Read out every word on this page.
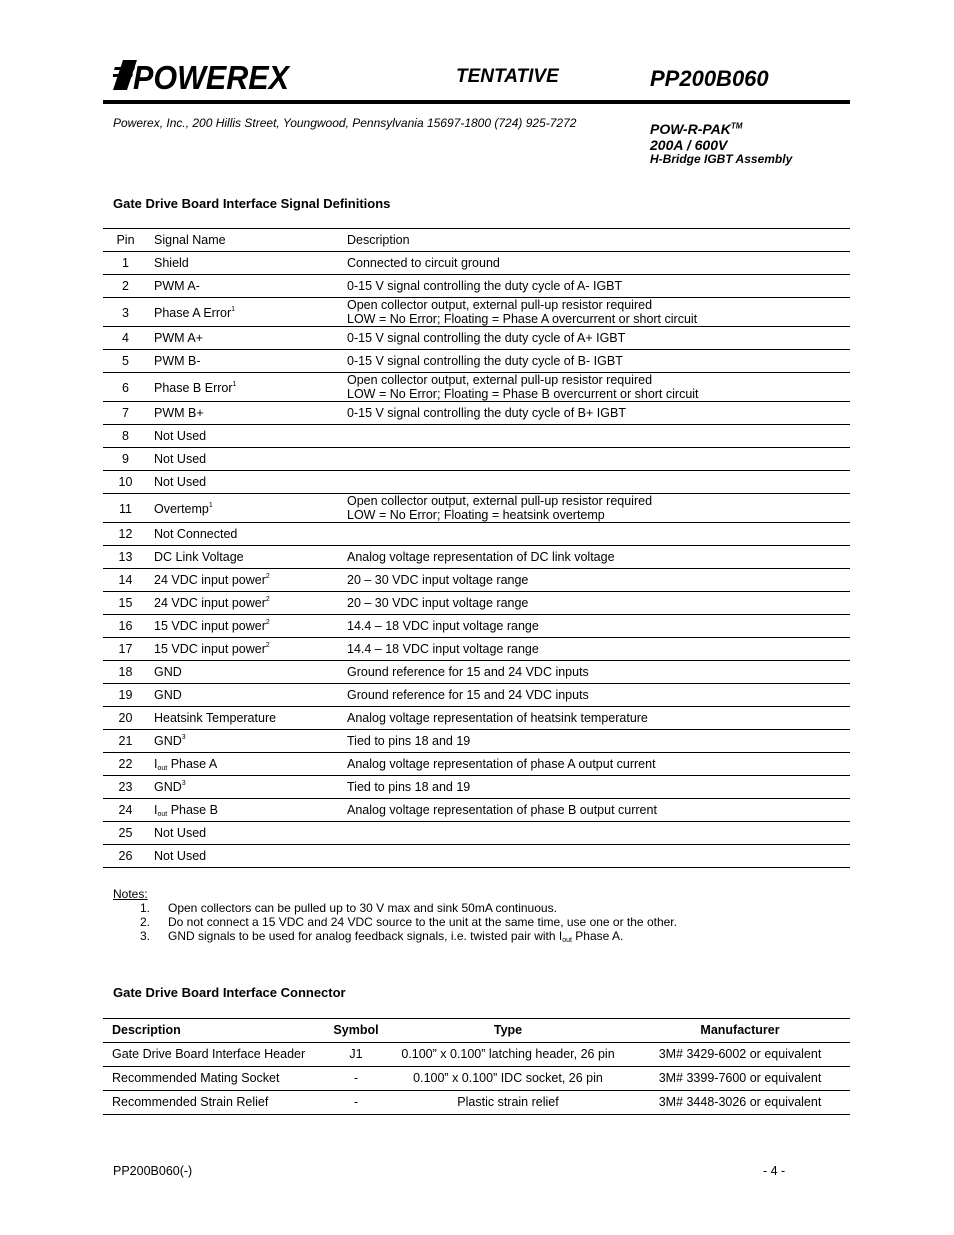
POWEREX	TENTATIVE	PP200B060
Powerex, Inc., 200 Hillis Street, Youngwood, Pennsylvania 15697-1800 (724) 925-7272	POW-R-PAK™
200A / 600V
H-Bridge IGBT Assembly
Gate Drive Board Interface Signal Definitions
Pin	Signal Name	Description
1	Shield	Connected to circuit ground
2	PWM A-	0-15 V signal controlling the duty cycle of A- IGBT
3	Phase A Error$^1$	Open collector output, external pull-up resistor required
LOW = No Error; Floating = Phase A overcurrent or short circuit
4	PWM A+	0-15 V signal controlling the duty cycle of A+ IGBT
5	PWM B-	0-15 V signal controlling the duty cycle of B- IGBT
6	Phase B Error$^1$	Open collector output, external pull-up resistor required
LOW = No Error; Floating = Phase B overcurrent or short circuit
7	PWM B+	0-15 V signal controlling the duty cycle of B+ IGBT
8	Not Used
9	Not Used
10	Not Used
11	Overtemp$^1$	Open collector output, external pull-up resistor required
LOW = No Error; Floating = heatsink overtemp
12	Not Connected
13	DC Link Voltage	Analog voltage representation of DC link voltage
14	24 VDC input power$^2$	20 – 30 VDC input voltage range
15	24 VDC input power$^2$	20 – 30 VDC input voltage range
16	15 VDC input power$^2$	14.4 – 18 VDC input voltage range
17	15 VDC input power$^2$	14.4 – 18 VDC input voltage range
18	GND	Ground reference for 15 and 24 VDC inputs
19	GND	Ground reference for 15 and 24 VDC inputs
20	Heatsink Temperature	Analog voltage representation of heatsink temperature
21	GND$^3$	Tied to pins 18 and 19
22	$I_{out}$ Phase A	Analog voltage representation of phase A output current
23	GND$^3$	Tied to pins 18 and 19
24	$I_{out}$ Phase B	Analog voltage representation of phase B output current
25	Not Used
26	Not Used
Notes:
1. Open collectors can be pulled up to 30 V max and sink 50mA continuous.
2. Do not connect a 15 VDC and 24 VDC source to the unit at the same time, use one or the other.
3. GND signals to be used for analog feedback signals, i.e. twisted pair with $I_{out}$ Phase A.
Gate Drive Board Interface Connector
Description	Symbol	Type	Manufacturer
Gate Drive Board Interface Header	J1	0.100” x 0.100” latching header, 26 pin	3M# 3429-6002 or equivalent
Recommended Mating Socket	-	0.100” x 0.100” IDC socket, 26 pin	3M# 3399-7600 or equivalent
Recommended Strain Relief	-	Plastic strain relief	3M# 3448-3026 or equivalent
PP200B060(-)	- 4 -
